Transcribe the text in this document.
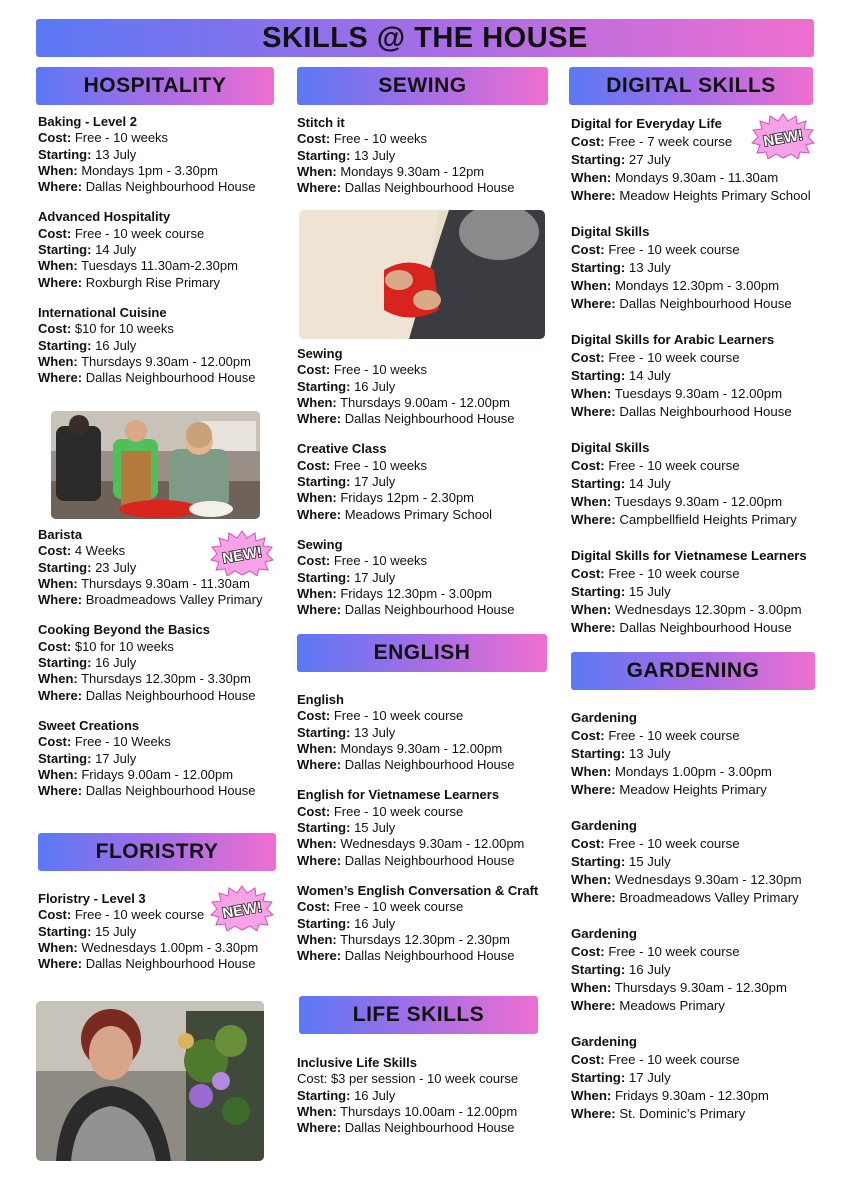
SKILLS @ THE HOUSE
HOSPITALITY
Baking - Level 2
Cost: Free - 10 weeks
Starting: 13 July
When: Mondays 1pm - 3.30pm
Where: Dallas Neighbourhood House
Advanced Hospitality
Cost: Free - 10 week course
Starting: 14 July
When: Tuesdays 11.30am-2.30pm
Where: Roxburgh Rise Primary
International Cuisine
Cost: $10 for 10 weeks
Starting: 16 July
When: Thursdays 9.30am - 12.00pm
Where: Dallas Neighbourhood House
Barista
Cost: 4 Weeks
Starting: 23 July
When: Thursdays 9.30am - 11.30am
Where: Broadmeadows Valley Primary
Cooking Beyond the Basics
Cost: $10 for 10 weeks
Starting: 16 July
When: Thursdays 12.30pm - 3.30pm
Where: Dallas Neighbourhood House
Sweet Creations
Cost: Free - 10 Weeks
Starting: 17 July
When: Fridays 9.00am - 12.00pm
Where: Dallas Neighbourhood House
NEW!
FLORISTRY
Floristry - Level 3
Cost: Free - 10 week course
Starting: 15 July
When: Wednesdays 1.00pm - 3.30pm
Where: Dallas Neighbourhood House
NEW!
SEWING
Stitch it
Cost: Free - 10 weeks
Starting: 13 July
When: Mondays 9.30am - 12pm
Where: Dallas Neighbourhood House
Sewing
Cost: Free - 10 weeks
Starting: 16 July
When: Thursdays 9.00am - 12.00pm
Where: Dallas Neighbourhood House
Creative Class
Cost: Free - 10 weeks
Starting: 17 July
When: Fridays 12pm - 2.30pm
Where: Meadows Primary School
Sewing
Cost: Free - 10 weeks
Starting: 17 July
When: Fridays 12.30pm - 3.00pm
Where: Dallas Neighbourhood House
ENGLISH
English
Cost: Free - 10 week course
Starting: 13 July
When: Mondays 9.30am - 12.00pm
Where: Dallas Neighbourhood House
English for Vietnamese Learners
Cost: Free - 10 week course
Starting: 15 July
When: Wednesdays 9.30am - 12.00pm
Where: Dallas Neighbourhood House
Women’s English Conversation & Craft
Cost: Free - 10 week course
Starting: 16 July
When: Thursdays 12.30pm - 2.30pm
Where: Dallas Neighbourhood House
LIFE SKILLS
Inclusive Life Skills
Cost: $3 per session - 10 week course
Starting: 16 July
When: Thursdays 10.00am - 12.00pm
Where: Dallas Neighbourhood House
DIGITAL SKILLS
Digital for Everyday Life
Cost: Free - 7 week course
Starting: 27 July
When: Mondays 9.30am - 11.30am
Where: Meadow Heights Primary School
Digital Skills
Cost: Free - 10 week course
Starting: 13 July
When: Mondays 12.30pm - 3.00pm
Where: Dallas Neighbourhood House
Digital Skills for Arabic Learners
Cost: Free - 10 week course
Starting: 14 July
When: Tuesdays 9.30am - 12.00pm
Where: Dallas Neighbourhood House
Digital Skills
Cost: Free - 10 week course
Starting: 14 July
When: Tuesdays 9.30am - 12.00pm
Where: Campbellfield Heights Primary
Digital Skills for Vietnamese Learners
Cost: Free - 10 week course
Starting: 15 July
When: Wednesdays 12.30pm - 3.00pm
Where: Dallas Neighbourhood House
NEW!
GARDENING
Gardening
Cost: Free - 10 week course
Starting: 13 July
When: Mondays 1.00pm - 3.00pm
Where: Meadow Heights Primary
Gardening
Cost: Free - 10 week course
Starting: 15 July
When: Wednesdays 9.30am - 12.30pm
Where: Broadmeadows Valley Primary
Gardening
Cost: Free - 10 week course
Starting: 16 July
When: Thursdays 9.30am - 12.30pm
Where: Meadows Primary
Gardening
Cost: Free - 10 week course
Starting: 17 July
When: Fridays 9.30am - 12.30pm
Where: St. Dominic’s Primary
